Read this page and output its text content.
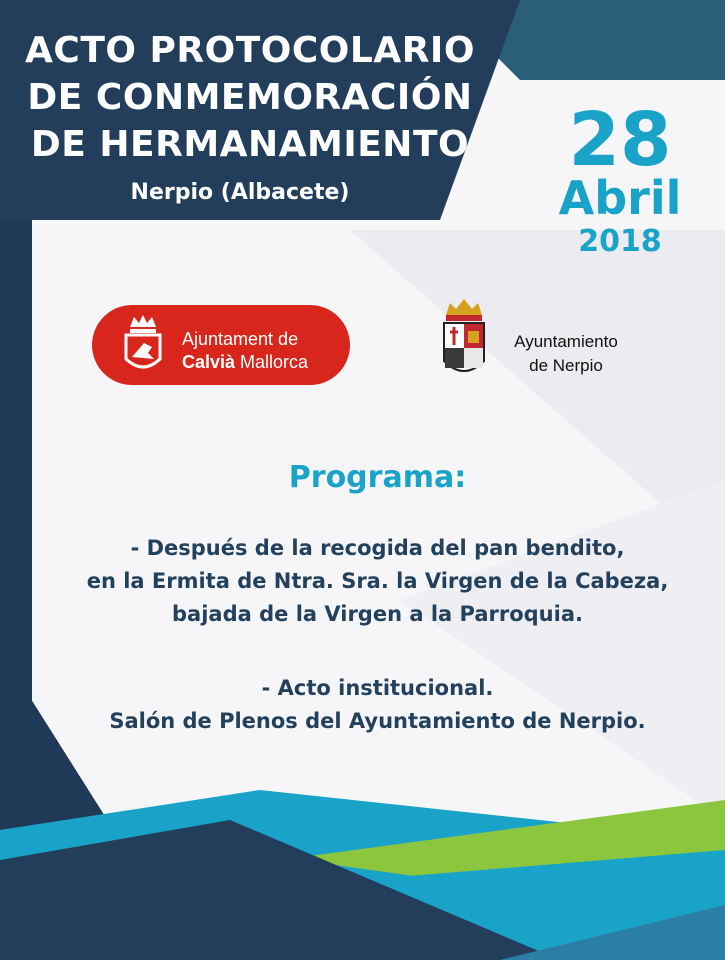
ACTO PROTOCOLARIO
DE CONMEMORACIÓN
DE HERMANAMIENTO
Nerpio (Albacete)
28
Abril
2018
Ajuntament de
Calvià Mallorca
Ayuntamiento
de Nerpio
Programa:
- Después de la recogida del pan bendito,
en la Ermita de Ntra. Sra. la Virgen de la Cabeza,
bajada de la Virgen a la Parroquia.
- Acto institucional.
Salón de Plenos del Ayuntamiento de Nerpio.
